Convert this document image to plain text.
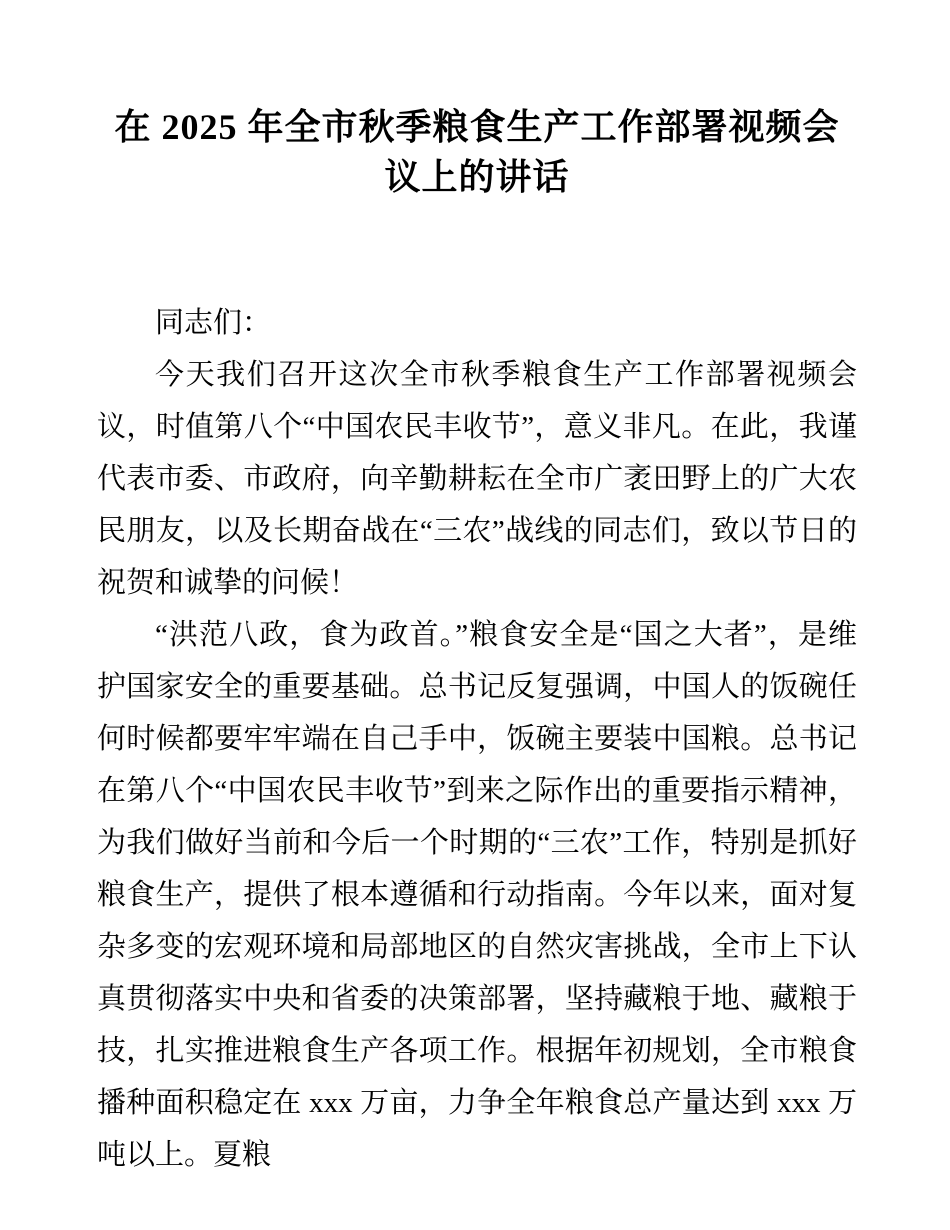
在 2025 年全市秋季粮食生产工作部署视频会
议上的讲话

同志们：

今天我们召开这次全市秋季粮食生产工作部署视频会议，时值第八个“中国农民丰收节”，意义非凡。在此，我谨代表市委、市政府，向辛勤耕耘在全市广袤田野上的广大农民朋友，以及长期奋战在“三农”战线的同志们，致以节日的祝贺和诚挚的问候！

“洪范八政，食为政首。”粮食安全是“国之大者”，是维护国家安全的重要基础。总书记反复强调，中国人的饭碗任何时候都要牢牢端在自己手中，饭碗主要装中国粮。总书记在第八个“中国农民丰收节”到来之际作出的重要指示精神，为我们做好当前和今后一个时期的“三农”工作，特别是抓好粮食生产，提供了根本遵循和行动指南。今年以来，面对复杂多变的宏观环境和局部地区的自然灾害挑战，全市上下认真贯彻落实中央和省委的决策部署，坚持藏粮于地、藏粮于技，扎实推进粮食生产各项工作。根据年初规划，全市粮食播种面积稳定在 xxx 万亩，力争全年粮食总产量达到 xxx 万吨以上。夏粮
